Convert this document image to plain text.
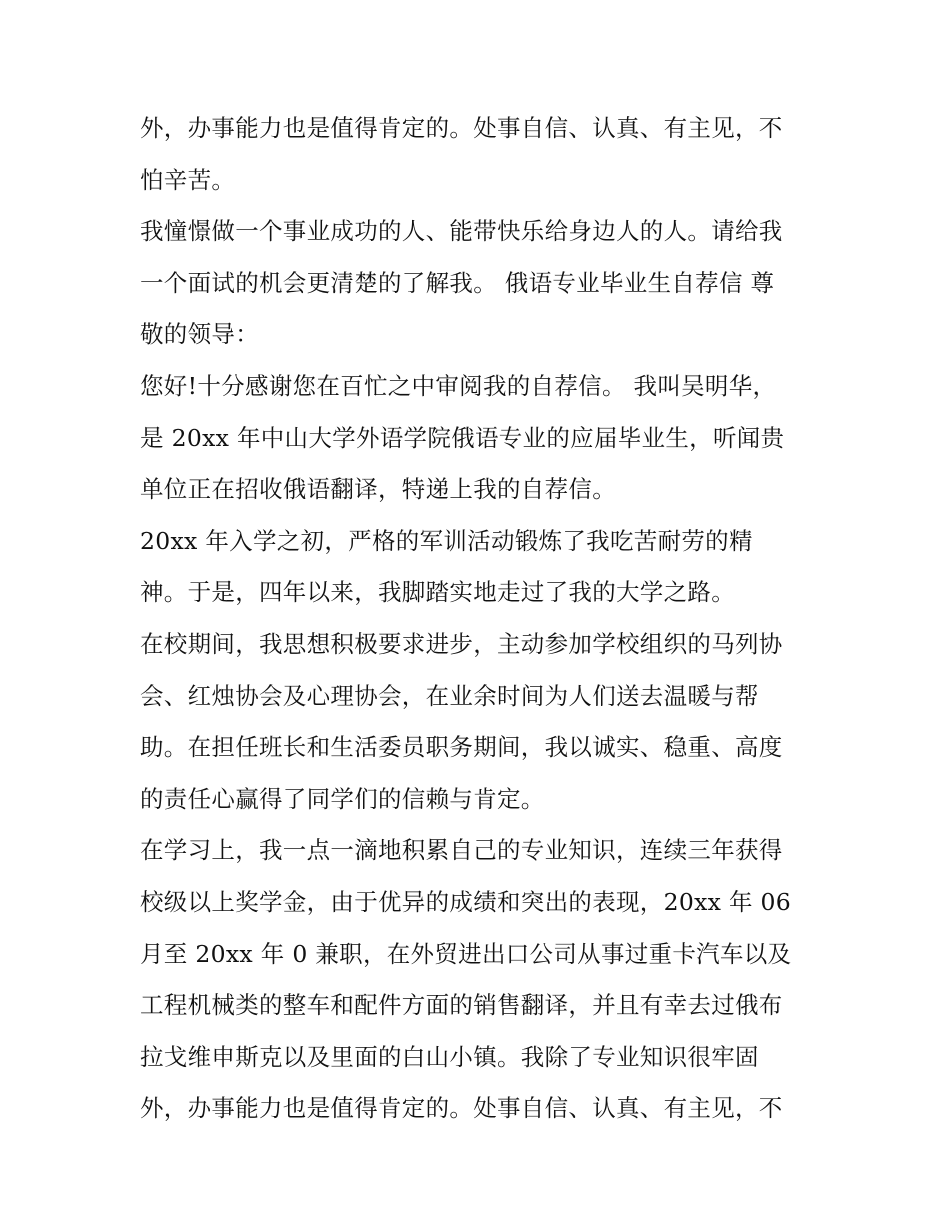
外，办事能力也是值得肯定的。处事自信、认真、有主见，不
怕辛苦。
我憧憬做一个事业成功的人、能带快乐给身边人的人。请给我
一个面试的机会更清楚的了解我。 俄语专业毕业生自荐信 尊
敬的领导：
您好!十分感谢您在百忙之中审阅我的自荐信。 我叫吴明华，
是 20xx 年中山大学外语学院俄语专业的应届毕业生，听闻贵
单位正在招收俄语翻译，特递上我的自荐信。
20xx 年入学之初，严格的军训活动锻炼了我吃苦耐劳的精
神。于是，四年以来，我脚踏实地走过了我的大学之路。
在校期间，我思想积极要求进步，主动参加学校组织的马列协
会、红烛协会及心理协会，在业余时间为人们送去温暖与帮
助。在担任班长和生活委员职务期间，我以诚实、稳重、高度
的责任心赢得了同学们的信赖与肯定。
在学习上，我一点一滴地积累自己的专业知识，连续三年获得
校级以上奖学金，由于优异的成绩和突出的表现，20xx 年 06
月至 20xx 年 0 兼职，在外贸进出口公司从事过重卡汽车以及
工程机械类的整车和配件方面的销售翻译，并且有幸去过俄布
拉戈维申斯克以及里面的白山小镇。我除了专业知识很牢固
外，办事能力也是值得肯定的。处事自信、认真、有主见，不
